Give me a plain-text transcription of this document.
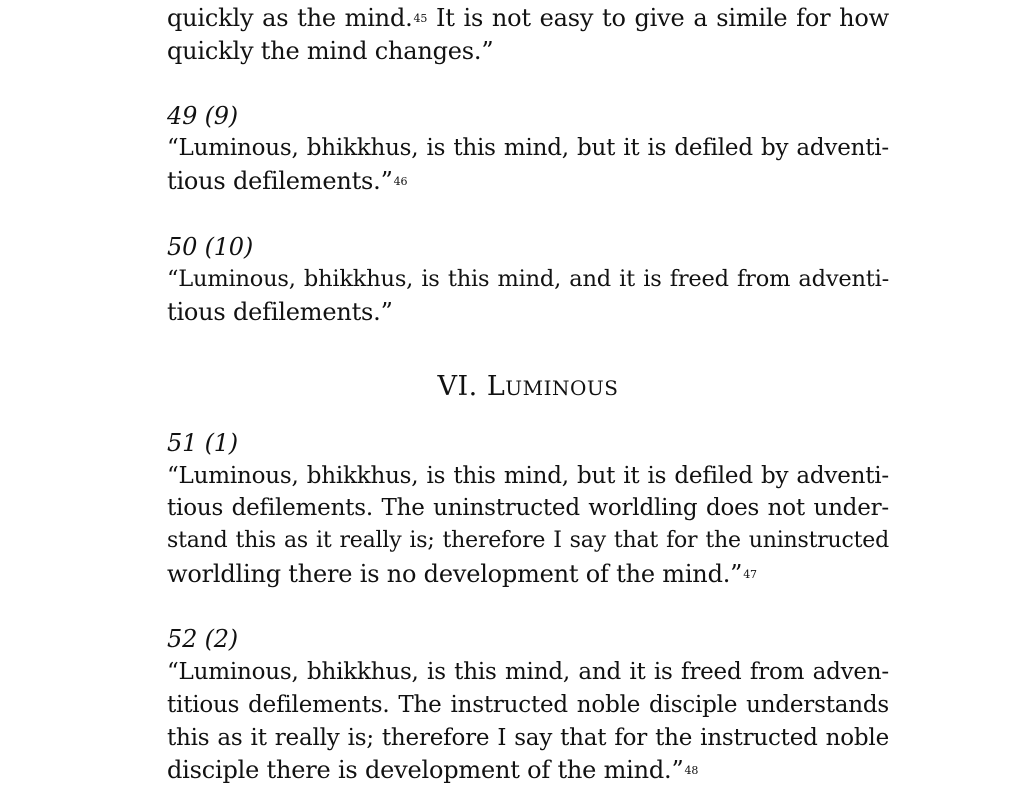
quickly as the mind.$^{45}$ It is not easy to give a simile for how
quickly the mind changes.”
49 (9)
“Luminous, bhikkhus, is this mind, but it is defiled by adventi-
tious defilements.”$^{46}$
50 (10)
“Luminous, bhikkhus, is this mind, and it is freed from adventi-
tious defilements.”
VI. LUMINOUS
51 (1)
“Luminous, bhikkhus, is this mind, but it is defiled by adventi-
tious defilements. The uninstructed worldling does not under-
stand this as it really is; therefore I say that for the uninstructed
worldling there is no development of the mind.”$^{47}$
52 (2)
“Luminous, bhikkhus, is this mind, and it is freed from adven-
titious defilements. The instructed noble disciple understands
this as it really is; therefore I say that for the instructed noble
disciple there is development of the mind.”$^{48}$
